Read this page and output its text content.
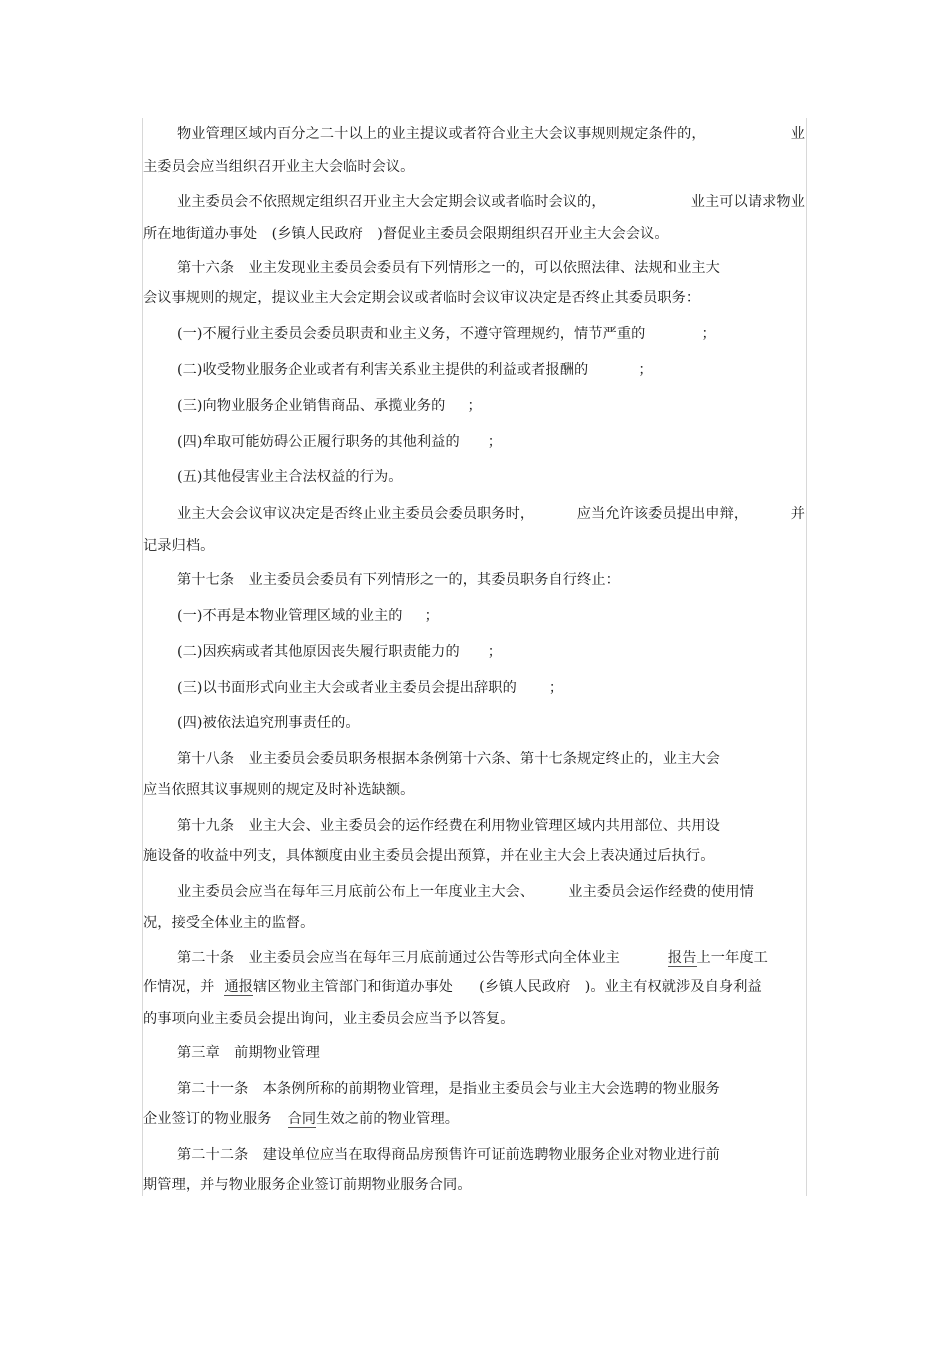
物业管理区域内百分之二十以上的业主提议或者符合业主大会议事规则规定条件的，	业
主委员会应当组织召开业主大会临时会议。
业主委员会不依照规定组织召开业主大会定期会议或者临时会议的，	业主可以请求物业
所在地街道办事处　(乡镇人民政府　)督促业主委员会限期组织召开业主大会会议。
第十六条　业主发现业主委员会委员有下列情形之一的，可以依照法律、法规和业主大
会议事规则的规定，提议业主大会定期会议或者临时会议审议决定是否终止其委员职务：
(一)不履行业主委员会委员职责和业主义务，不遵守管理规约，情节严重的	；
(二)收受物业服务企业或者有利害关系业主提供的利益或者报酬的	；
(三)向物业服务企业销售商品、承揽业务的 ；
(四)牟取可能妨碍公正履行职务的其他利益的 ；
(五)其他侵害业主合法权益的行为。
业主大会会议审议决定是否终止业主委员会委员职务时，	应当允许该委员提出申辩，	并
记录归档。
第十七条　业主委员会委员有下列情形之一的，其委员职务自行终止：
(一)不再是本物业管理区域的业主的 ；
(二)因疾病或者其他原因丧失履行职责能力的 ；
(三)以书面形式向业主大会或者业主委员会提出辞职的 ；
(四)被依法追究刑事责任的。
第十八条　业主委员会委员职务根据本条例第十六条、第十七条规定终止的，业主大会
应当依照其议事规则的规定及时补选缺额。
第十九条　业主大会、业主委员会的运作经费在利用物业管理区域内共用部位、共用设
施设备的收益中列支，具体额度由业主委员会提出预算，并在业主大会上表决通过后执行。
业主委员会应当在每年三月底前公布上一年度业主大会、 业主委员会运作经费的使用情
况，接受全体业主的监督。
第二十条　业主委员会应当在每年三月底前通过公告等形式向全体业主	报告上一年度工
作情况，并 通报辖区物业主管部门和街道办事处 (乡镇人民政府　)。业主有权就涉及自身利益
的事项向业主委员会提出询问，业主委员会应当予以答复。
第三章　前期物业管理
第二十一条　本条例所称的前期物业管理，是指业主委员会与业主大会选聘的物业服务
企业签订的物业服务 合同生效之前的物业管理。
第二十二条　建设单位应当在取得商品房预售许可证前选聘物业服务企业对物业进行前
期管理，并与物业服务企业签订前期物业服务合同。
